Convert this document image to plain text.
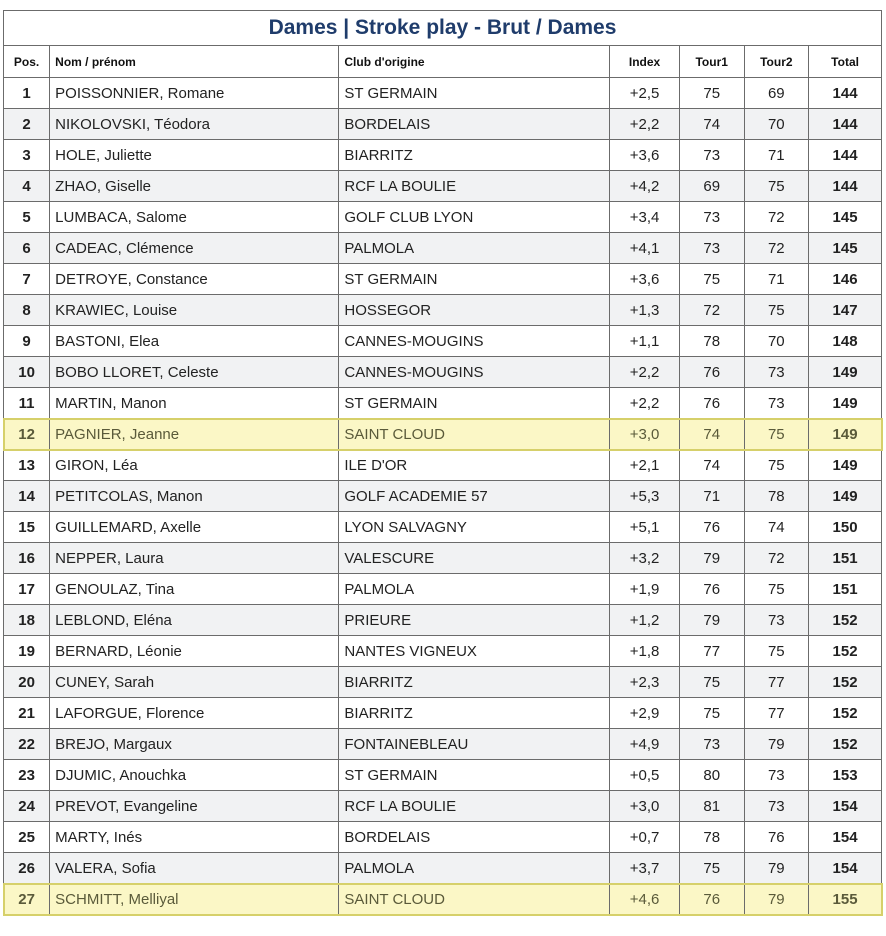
Dames | Stroke play - Brut / Dames
Pos.	Nom / prénom	Club d'origine	Index	Tour1	Tour2	Total
1	POISSONNIER, Romane	ST GERMAIN	+2,5	75	69	144
2	NIKOLOVSKI, Téodora	BORDELAIS	+2,2	74	70	144
3	HOLE, Juliette	BIARRITZ	+3,6	73	71	144
4	ZHAO, Giselle	RCF LA BOULIE	+4,2	69	75	144
5	LUMBACA, Salome	GOLF CLUB LYON	+3,4	73	72	145
6	CADEAC, Clémence	PALMOLA	+4,1	73	72	145
7	DETROYE, Constance	ST GERMAIN	+3,6	75	71	146
8	KRAWIEC, Louise	HOSSEGOR	+1,3	72	75	147
9	BASTONI, Elea	CANNES-MOUGINS	+1,1	78	70	148
10	BOBO LLORET, Celeste	CANNES-MOUGINS	+2,2	76	73	149
11	MARTIN, Manon	ST GERMAIN	+2,2	76	73	149
12	PAGNIER, Jeanne	SAINT CLOUD	+3,0	74	75	149
13	GIRON, Léa	ILE D'OR	+2,1	74	75	149
14	PETITCOLAS, Manon	GOLF ACADEMIE 57	+5,3	71	78	149
15	GUILLEMARD, Axelle	LYON SALVAGNY	+5,1	76	74	150
16	NEPPER, Laura	VALESCURE	+3,2	79	72	151
17	GENOULAZ, Tina	PALMOLA	+1,9	76	75	151
18	LEBLOND, Eléna	PRIEURE	+1,2	79	73	152
19	BERNARD, Léonie	NANTES VIGNEUX	+1,8	77	75	152
20	CUNEY, Sarah	BIARRITZ	+2,3	75	77	152
21	LAFORGUE, Florence	BIARRITZ	+2,9	75	77	152
22	BREJO, Margaux	FONTAINEBLEAU	+4,9	73	79	152
23	DJUMIC, Anouchka	ST GERMAIN	+0,5	80	73	153
24	PREVOT, Evangeline	RCF LA BOULIE	+3,0	81	73	154
25	MARTY, Inés	BORDELAIS	+0,7	78	76	154
26	VALERA, Sofia	PALMOLA	+3,7	75	79	154
27	SCHMITT, Melliyal	SAINT CLOUD	+4,6	76	79	155
